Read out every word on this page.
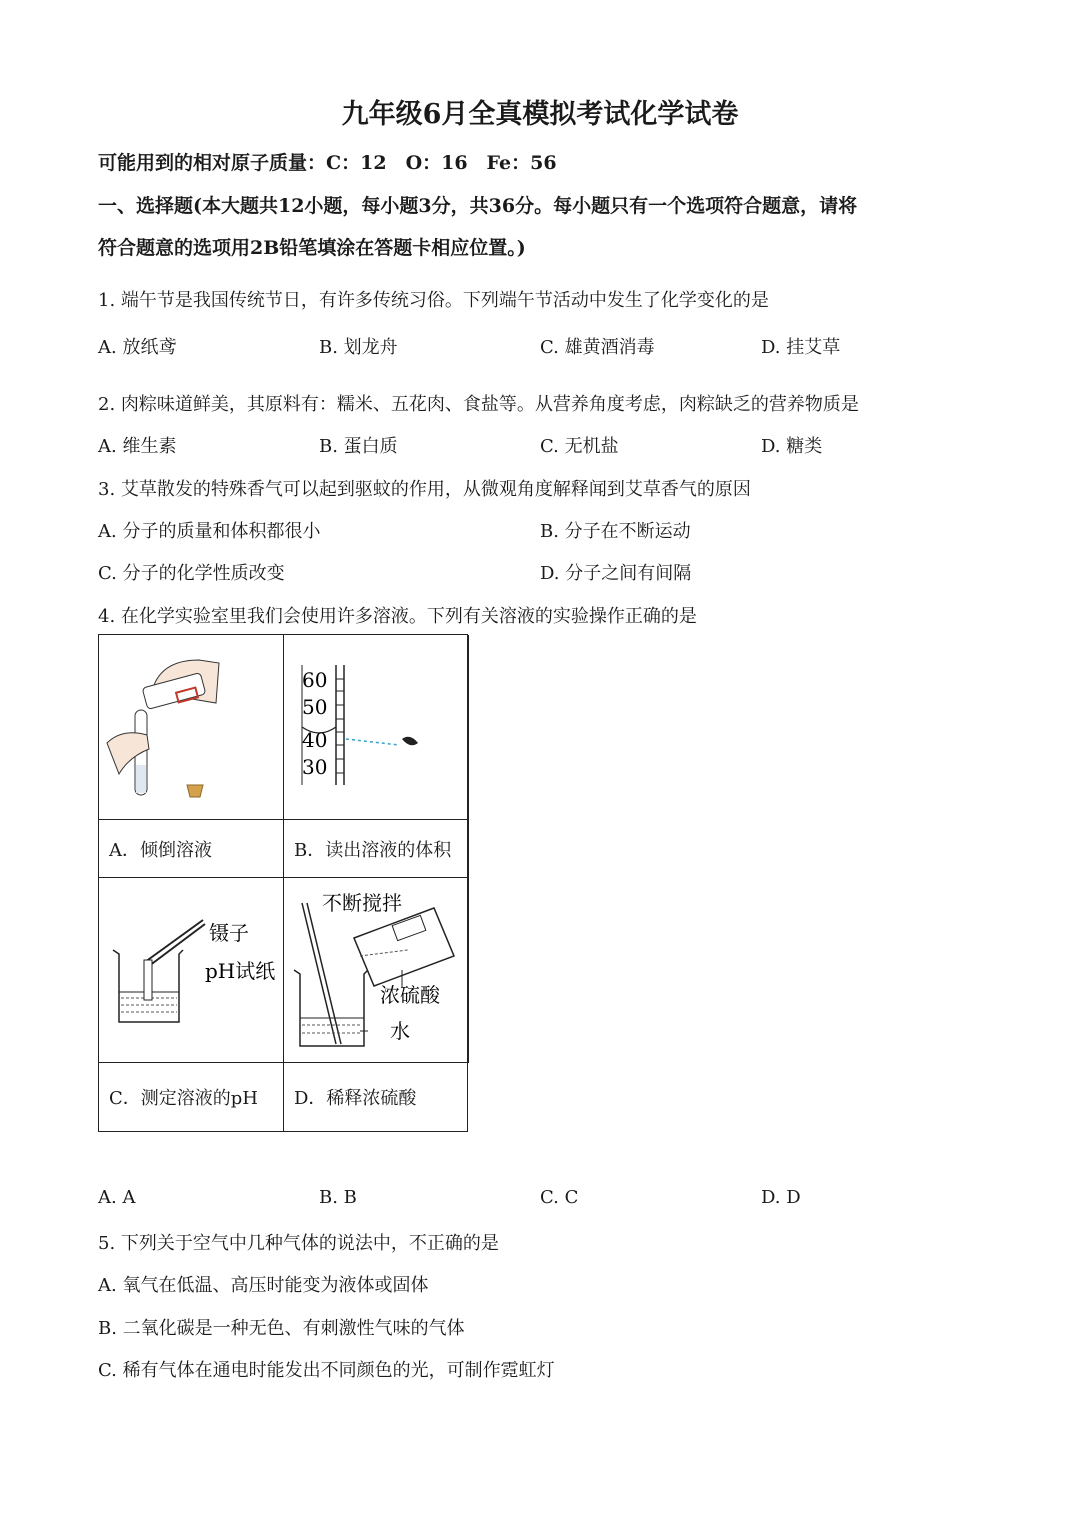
九年级6月全真模拟考试化学试卷
可能用到的相对原子质量：C：12　O：16　Fe：56
一、选择题(本大题共12小题，每小题3分，共36分。每小题只有一个选项符合题意，请将
符合题意的选项用2B铅笔填涂在答题卡相应位置。)
1. 端午节是我国传统节日，有许多传统习俗。下列端午节活动中发生了化学变化的是
A. 放纸鸢	B. 划龙舟	C. 雄黄酒消毒	D. 挂艾草
2. 肉粽味道鲜美，其原料有：糯米、五花肉、食盐等。从营养角度考虑，肉粽缺乏的营养物质是
A. 维生素	B. 蛋白质	C. 无机盐	D. 糖类
3. 艾草散发的特殊香气可以起到驱蚊的作用，从微观角度解释闻到艾草香气的原因
A. 分子的质量和体积都很小	B. 分子在不断运动
C. 分子的化学性质改变	D. 分子之间有间隔
4. 在化学实验室里我们会使用许多溶液。下列有关溶液的实验操作正确的是
60
50
40
30
A．倾倒溶液	B．读出溶液的体积
镊子
pH试纸
不断搅拌
浓硫酸
水
C．测定溶液的pH	D．稀释浓硫酸
A. A	B. B	C. C	D. D
5. 下列关于空气中几种气体的说法中，不正确的是
A. 氧气在低温、高压时能变为液体或固体
B. 二氧化碳是一种无色、有刺激性气味的气体
C. 稀有气体在通电时能发出不同颜色的光，可制作霓虹灯
